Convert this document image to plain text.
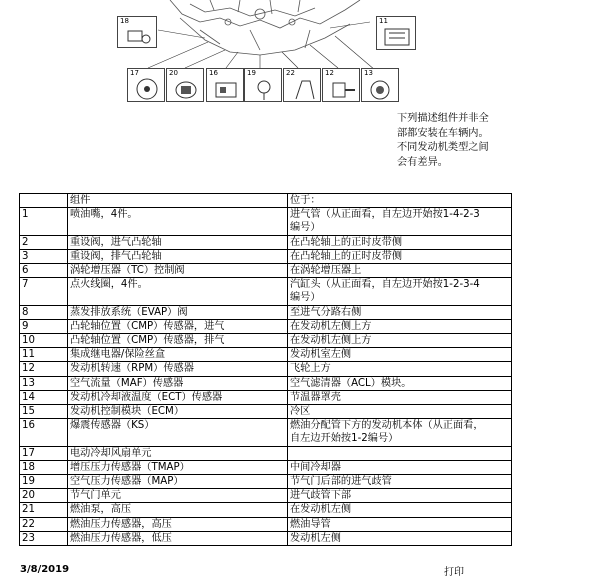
18	11
17	20	16	19	22	12	13
下列描述组件并非全
部都安装在车辆内。
不同发动机类型之间
会有差异。
	组件	位于：
1	喷油嘴，4件。	进气管（从正面看，自左边开始按1-4-2-3
编号）

2	重设阀，进气凸轮轴	在凸轮轴上的正时皮带侧

3	重设阀，排气凸轮轴	在凸轮轴上的正时皮带侧

6	涡轮增压器（TC）控制阀	在涡轮增压器上

7	点火线圈，4件。	汽缸头（从正面看，自左边开始按1-2-3-4
编号）

8	蒸发排放系统（EVAP）阀	至进气分路右侧

9	凸轮轴位置（CMP）传感器，进气	在发动机左侧上方

10	凸轮轴位置（CMP）传感器，排气	在发动机左侧上方

11	集成继电器/保险丝盒	发动机室左侧

12	发动机转速（RPM）传感器	飞轮上方

13	空气流量（MAF）传感器	空气滤清器（ACL）模块。

14	发动机冷却液温度（ECT）传感器	节温器罩壳

15	发动机控制模块（ECM）	冷区

16	爆震传感器（KS）	燃油分配管下方的发动机本体（从正面看，
自左边开始按1-2编号）

17	电动冷却风扇单元	

18	增压压力传感器（TMAP）	中间冷却器

19	空气压力传感器（MAP）	节气门后部的进气歧管

20	节气门单元	进气歧管下部

21	燃油泵，高压	在发动机左侧

22	燃油压力传感器，高压	燃油导管

23	燃油压力传感器，低压	发动机左侧
3/8/2019	打印
